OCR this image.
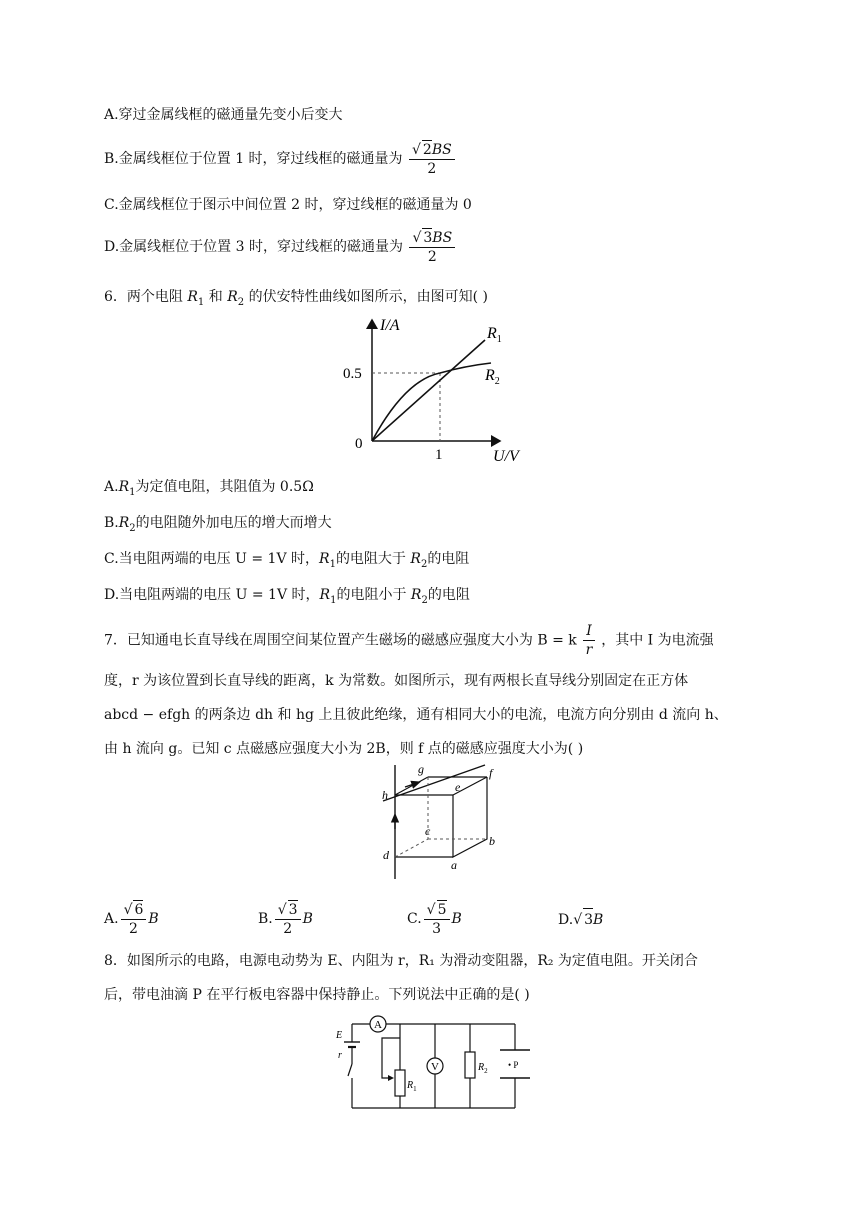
A.穿过金属线框的磁通量先变小后变大
B.金属线框位于位置 1 时，穿过线框的磁通量为 $\frac{√ 2BS}{2}$
C.金属线框位于图示中间位置 2 时，穿过线框的磁通量为 0
D.金属线框位于位置 3 时，穿过线框的磁通量为 $\frac{√ 3BS}{2}$
6．两个电阻 $R_1$ 和 $R_2$ 的伏安特性曲线如图所示，由图可知( )
I/A
U/V
0
0.5
1
$R_1$
$R_2$
$A.R_1$为定值电阻，其阻值为 0.5Ω
$B.R_2$的电阻随外加电压的增大而增大
C.当电阻两端的电压 U = 1V 时，$R_1$的电阻大于 $R_2$的电阻
D.当电阻两端的电压 U = 1V 时，$R_1$的电阻小于 $R_2$的电阻
7．已知通电长直导线在周围空间某位置产生磁场的磁感应强度大小为 B = k $\frac{I}{r}$ ，其中 I 为电流强
度，r 为该位置到长直导线的距离，k 为常数。如图所示，现有两根长直导线分别固定在正方体
abcd − efgh 的两条边 dh 和 hg 上且彼此绝缘，通有相同大小的电流，电流方向分别由 d 流向 h、
由 h 流向 g。已知 c 点磁感应强度大小为 2B，则 f 点的磁感应强度大小为( )
h
g	f
e
c
b
d
a
A. $\frac{√ 6}{2}$ B	B. $\frac{√ 3}{2}$ B	C. $\frac{√ 5}{3}$ B	D.√ 3B
8．如图所示的电路，电源电动势为 E、内阻为 r，R₁ 为滑动变阻器，R₂ 为定值电阻。开关闭合
后，带电油滴 P 在平行板电容器中保持静止。下列说法中正确的是( )
A
$R_1$
V	$R_2$
• P
E
r
